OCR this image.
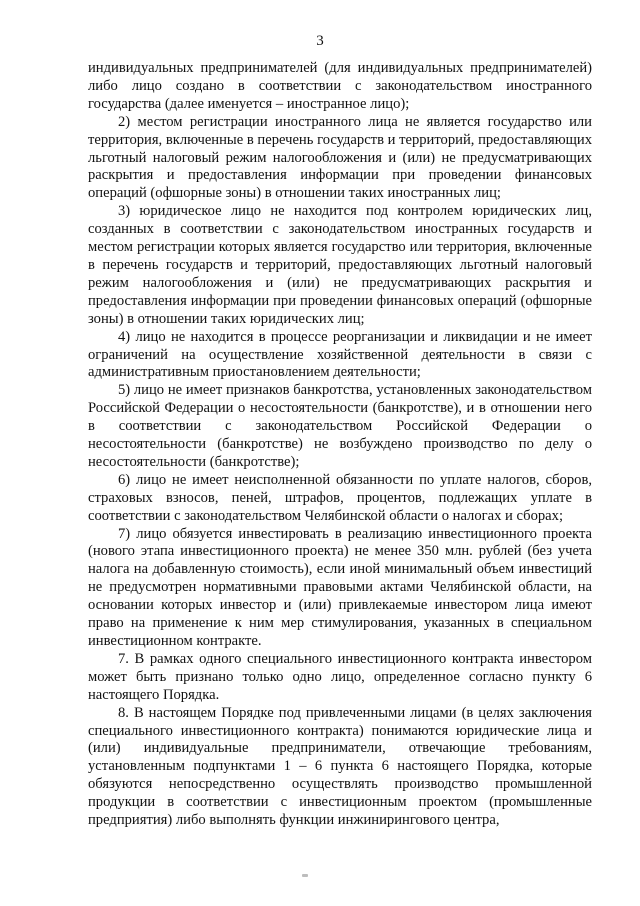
3

индивидуальных предпринимателей (для индивидуальных предпринимателей) либо лицо создано в соответствии с законодательством иностранного государства (далее именуется – иностранное лицо);

2) местом регистрации иностранного лица не является государство или территория, включенные в перечень государств и территорий, предоставляющих льготный налоговый режим налогообложения и (или) не предусматривающих раскрытия и предоставления информации при проведении финансовых операций (офшорные зоны) в отношении таких иностранных лиц;

3) юридическое лицо не находится под контролем юридических лиц, созданных в соответствии с законодательством иностранных государств и местом регистрации которых является государство или территория, включенные в перечень государств и территорий, предоставляющих льготный налоговый режим налогообложения и (или) не предусматривающих раскрытия и предоставления информации при проведении финансовых операций (офшорные зоны) в отношении таких юридических лиц;

4) лицо не находится в процессе реорганизации и ликвидации и не имеет ограничений на осуществление хозяйственной деятельности в связи с административным приостановлением деятельности;

5) лицо не имеет признаков банкротства, установленных законодательством Российской Федерации о несостоятельности (банкротстве), и в отношении него в соответствии с законодательством Российской Федерации о несостоятельности (банкротстве) не возбуждено производство по делу о несостоятельности (банкротстве);

6) лицо не имеет неисполненной обязанности по уплате налогов, сборов, страховых взносов, пеней, штрафов, процентов, подлежащих уплате в соответствии с законодательством Челябинской области о налогах и сборах;

7) лицо обязуется инвестировать в реализацию инвестиционного проекта (нового этапа инвестиционного проекта) не менее 350 млн. рублей (без учета налога на добавленную стоимость), если иной минимальный объем инвестиций не предусмотрен нормативными правовыми актами Челябинской области, на основании которых инвестор и (или) привлекаемые инвестором лица имеют право на применение к ним мер стимулирования, указанных в специальном инвестиционном контракте.

7. В рамках одного специального инвестиционного контракта инвестором может быть признано только одно лицо, определенное согласно пункту 6 настоящего Порядка.

8. В настоящем Порядке под привлеченными лицами (в целях заключения специального инвестиционного контракта) понимаются юридические лица и (или) индивидуальные предприниматели, отвечающие требованиям, установленным подпунктами 1 – 6 пункта 6 настоящего Порядка, которые обязуются непосредственно осуществлять производство промышленной продукции в соответствии с инвестиционным проектом (промышленные предприятия) либо выполнять функции инжинирингового центра,
